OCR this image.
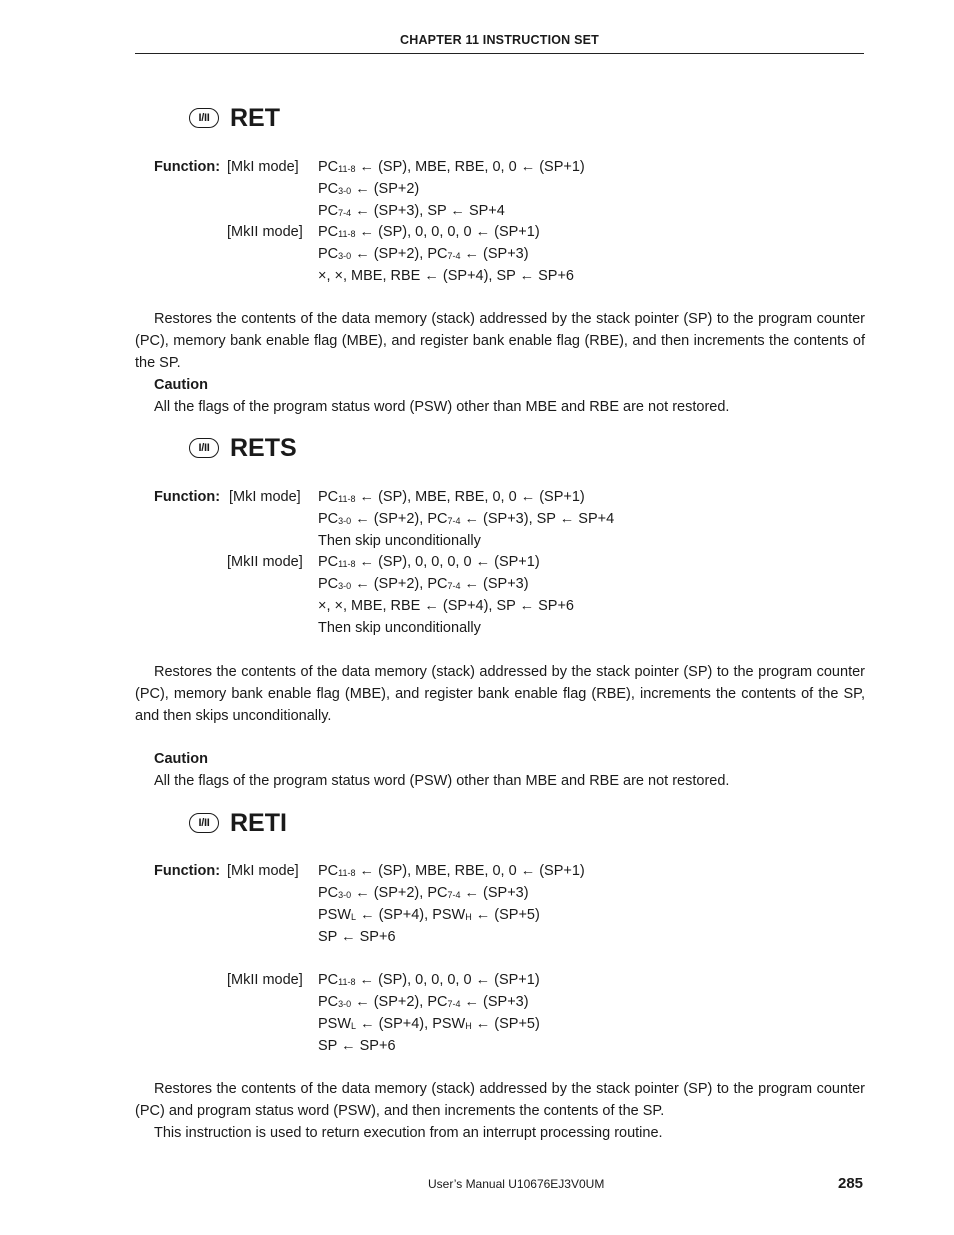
CHAPTER 11 INSTRUCTION SET
I/II RET
Function: [MkI mode] $PC_{11-8}$ ← (SP), MBE, RBE, 0, 0 ← (SP+1)
$PC_{3-0}$ ← (SP+2)
$PC_{7-4}$ ← (SP+3), SP ← SP+4
[MkII mode] $PC_{11-8}$ ← (SP), 0, 0, 0, 0 ← (SP+1)
$PC_{3-0}$ ← (SP+2), $PC_{7-4}$ ← (SP+3)
×, ×, MBE, RBE ← (SP+4), SP ← SP+6
Restores the contents of the data memory (stack) addressed by the stack pointer (SP) to the program counter (PC), memory bank enable flag (MBE), and register bank enable flag (RBE), and then increments the contents of the SP.
Caution
All the flags of the program status word (PSW) other than MBE and RBE are not restored.
I/II RETS
Function: [MkI mode] $PC_{11-8}$ ← (SP), MBE, RBE, 0, 0 ← (SP+1)
$PC_{3-0}$ ← (SP+2), $PC_{7-4}$ ← (SP+3), SP ← SP+4
Then skip unconditionally
[MkII mode] $PC_{11-8}$ ← (SP), 0, 0, 0, 0 ← (SP+1)
$PC_{3-0}$ ← (SP+2), $PC_{7-4}$ ← (SP+3)
×, ×, MBE, RBE ← (SP+4), SP ← SP+6
Then skip unconditionally
Restores the contents of the data memory (stack) addressed by the stack pointer (SP) to the program counter (PC), memory bank enable flag (MBE), and register bank enable flag (RBE), increments the contents of the SP, and then skips unconditionally.
Caution
All the flags of the program status word (PSW) other than MBE and RBE are not restored.
I/II RETI
Function: [MkI mode] $PC_{11-8}$ ← (SP), MBE, RBE, 0, 0 ← (SP+1)
$PC_{3-0}$ ← (SP+2), $PC_{7-4}$ ← (SP+3)
$PSW_L$ ← (SP+4), $PSW_H$ ← (SP+5)
SP ← SP+6
[MkII mode] $PC_{11-8}$ ← (SP), 0, 0, 0, 0 ← (SP+1)
$PC_{3-0}$ ← (SP+2), $PC_{7-4}$ ← (SP+3)
$PSW_L$ ← (SP+4), $PSW_H$ ← (SP+5)
SP ← SP+6
Restores the contents of the data memory (stack) addressed by the stack pointer (SP) to the program counter (PC) and program status word (PSW), and then increments the contents of the SP.
This instruction is used to return execution from an interrupt processing routine.
User’s Manual U10676EJ3V0UM	285
